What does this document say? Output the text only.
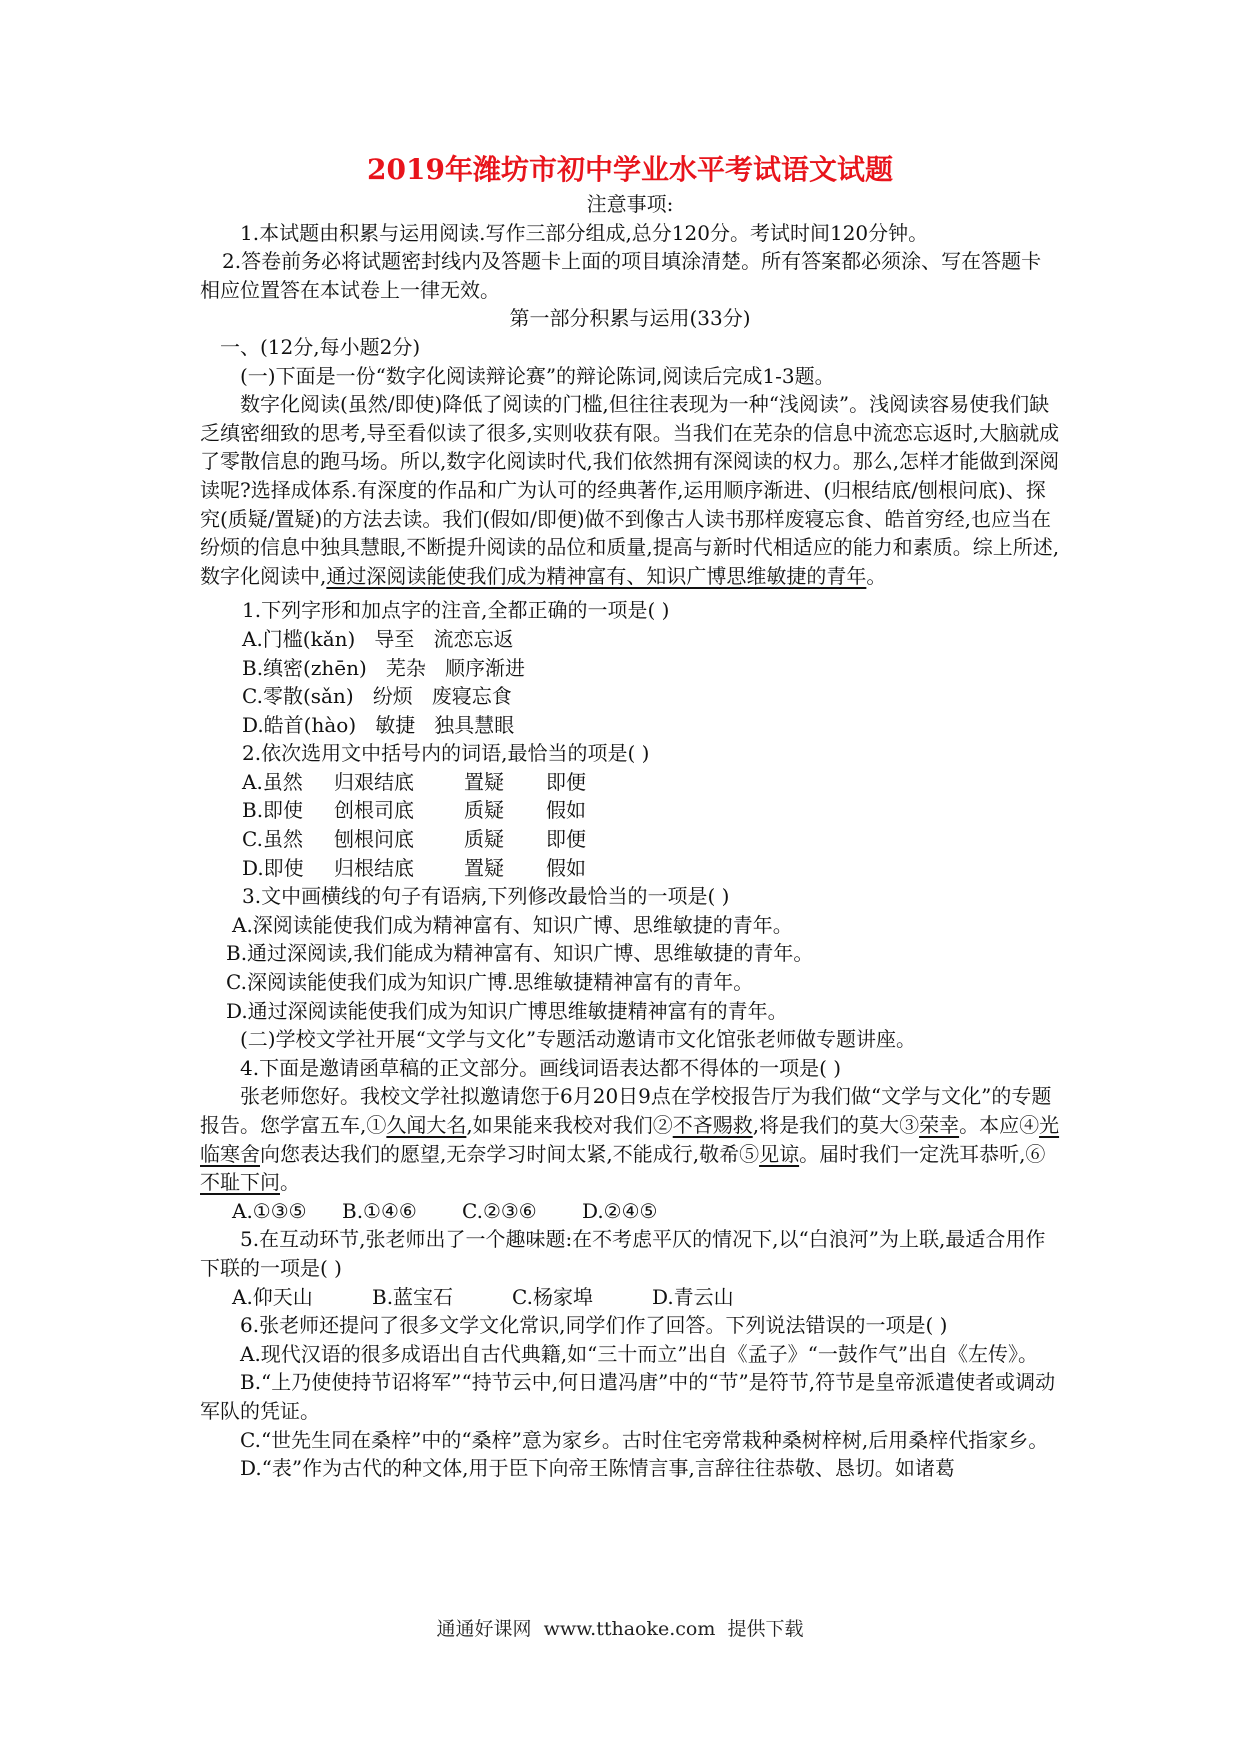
2019年潍坊市初中学业水平考试语文试题

注意事项:

1.本试题由积累与运用阅读.写作三部分组成,总分120分。考试时间120分钟。

2.答卷前务必将试题密封线内及答题卡上面的项目填涂清楚。所有答案都必须涂、写在答题卡相应位置答在本试卷上一律无效。

第一部分积累与运用(33分)

一、(12分,每小题2分)

(一)下面是一份“数字化阅读辩论赛”的辩论陈词,阅读后完成1-3题。

数字化阅读(虽然/即使)降低了阅读的门槛,但往往表现为一种“浅阅读”。浅阅读容易使我们缺乏缜密细致的思考,导至看似读了很多,实则收获有限。当我们在芜杂的信息中流恋忘返时,大脑就成了零散信息的跑马场。所以,数字化阅读时代,我们依然拥有深阅读的权力。那么,怎样才能做到深阅读呢?选择成体系.有深度的作品和广为认可的经典著作,运用顺序渐进、(归根结底/刨根问底)、探究(质疑/置疑)的方法去读。我们(假如/即便)做不到像古人读书那样废寝忘食、皓首穷经,也应当在纷烦的信息中独具慧眼,不断提升阅读的品位和质量,提高与新时代相适应的能力和素质。综上所述,数字化阅读中,通过深阅读能使我们成为精神富有、知识广博思维敏捷的青年。

1.下列字形和加点字的注音,全都正确的一项是( )

A.门槛(kǎn)   导至   流恋忘返

B.缜密(zhēn)   芜杂   顺序渐进

C.零散(sǎn)   纷烦   废寝忘食

D.皓首(hào)   敏捷   独具慧眼

2.依次选用文中括号内的词语,最恰当的项是( )

A.虽然 归艰结底	置疑 即便
B.即使 创根司底	质疑 假如
C.虽然 刨根问底	质疑 即便
D.即使 归根结底	置疑 假如

3.文中画横线的句子有语病,下列修改最恰当的一项是( )

A.深阅读能使我们成为精神富有、知识广博、思维敏捷的青年。

B.通过深阅读,我们能成为精神富有、知识广博、思维敏捷的青年。

C.深阅读能使我们成为知识广博.思维敏捷精神富有的青年。

D.通过深阅读能使我们成为知识广博思维敏捷精神富有的青年。

(二)学校文学社开展“文学与文化”专题活动邀请市文化馆张老师做专题讲座。

4.下面是邀请函草稿的正文部分。画线词语表达都不得体的一项是( )

张老师您好。我校文学社拟邀请您于6月20日9点在学校报告厅为我们做“文学与文化”的专题报告。您学富五车,①久闻大名,如果能来我校对我们②不吝赐救,将是我们的莫大③荣幸。本应④光临寒舍向您表达我们的愿望,无奈学习时间太紧,不能成行,敬希⑤见谅。届时我们一定洗耳恭听,⑥不耻下问。

A.①③⑤ B.①④⑥ C.②③⑥ D.②④⑤

5.在互动环节,张老师出了一个趣味题:在不考虑平仄的情况下,以“白浪河”为上联,最适合用作下联的一项是( )

A.仰天山	B.蓝宝石	C.杨家埠	D.青云山

6.张老师还提问了很多文学文化常识,同学们作了回答。下列说法错误的一项是( )

A.现代汉语的很多成语出自古代典籍,如“三十而立”出自《孟子》“一鼓作气”出自《左传》。

B.“上乃使使持节诏将军”“持节云中,何日遣冯唐”中的“节”是符节,符节是皇帝派遣使者或调动军队的凭证。

C.“世先生同在桑梓”中的“桑梓”意为家乡。古时住宅旁常栽种桑树梓树,后用桑梓代指家乡。

D.“表”作为古代的种文体,用于臣下向帝王陈情言事,言辞往往恭敬、恳切。如诸葛

通通好课网  www.tthaoke.com  提供下载
